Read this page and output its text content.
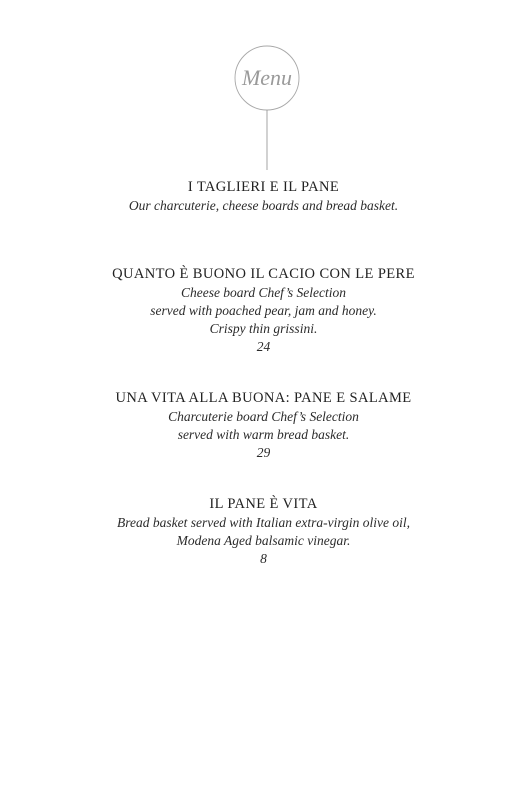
Menu

I TAGLIERI E IL PANE

Our charcuterie, cheese boards and bread basket.

QUANTO È BUONO IL CACIO CON LE PERE

Cheese board Chef’s Selection

served with poached pear, jam and honey.

Crispy thin grissini.

24

UNA VITA ALLA BUONA: PANE E SALAME

Charcuterie board Chef’s Selection

served with warm bread basket.

29

IL PANE È VITA

Bread basket served with Italian extra-virgin olive oil,

Modena Aged balsamic vinegar.

8
